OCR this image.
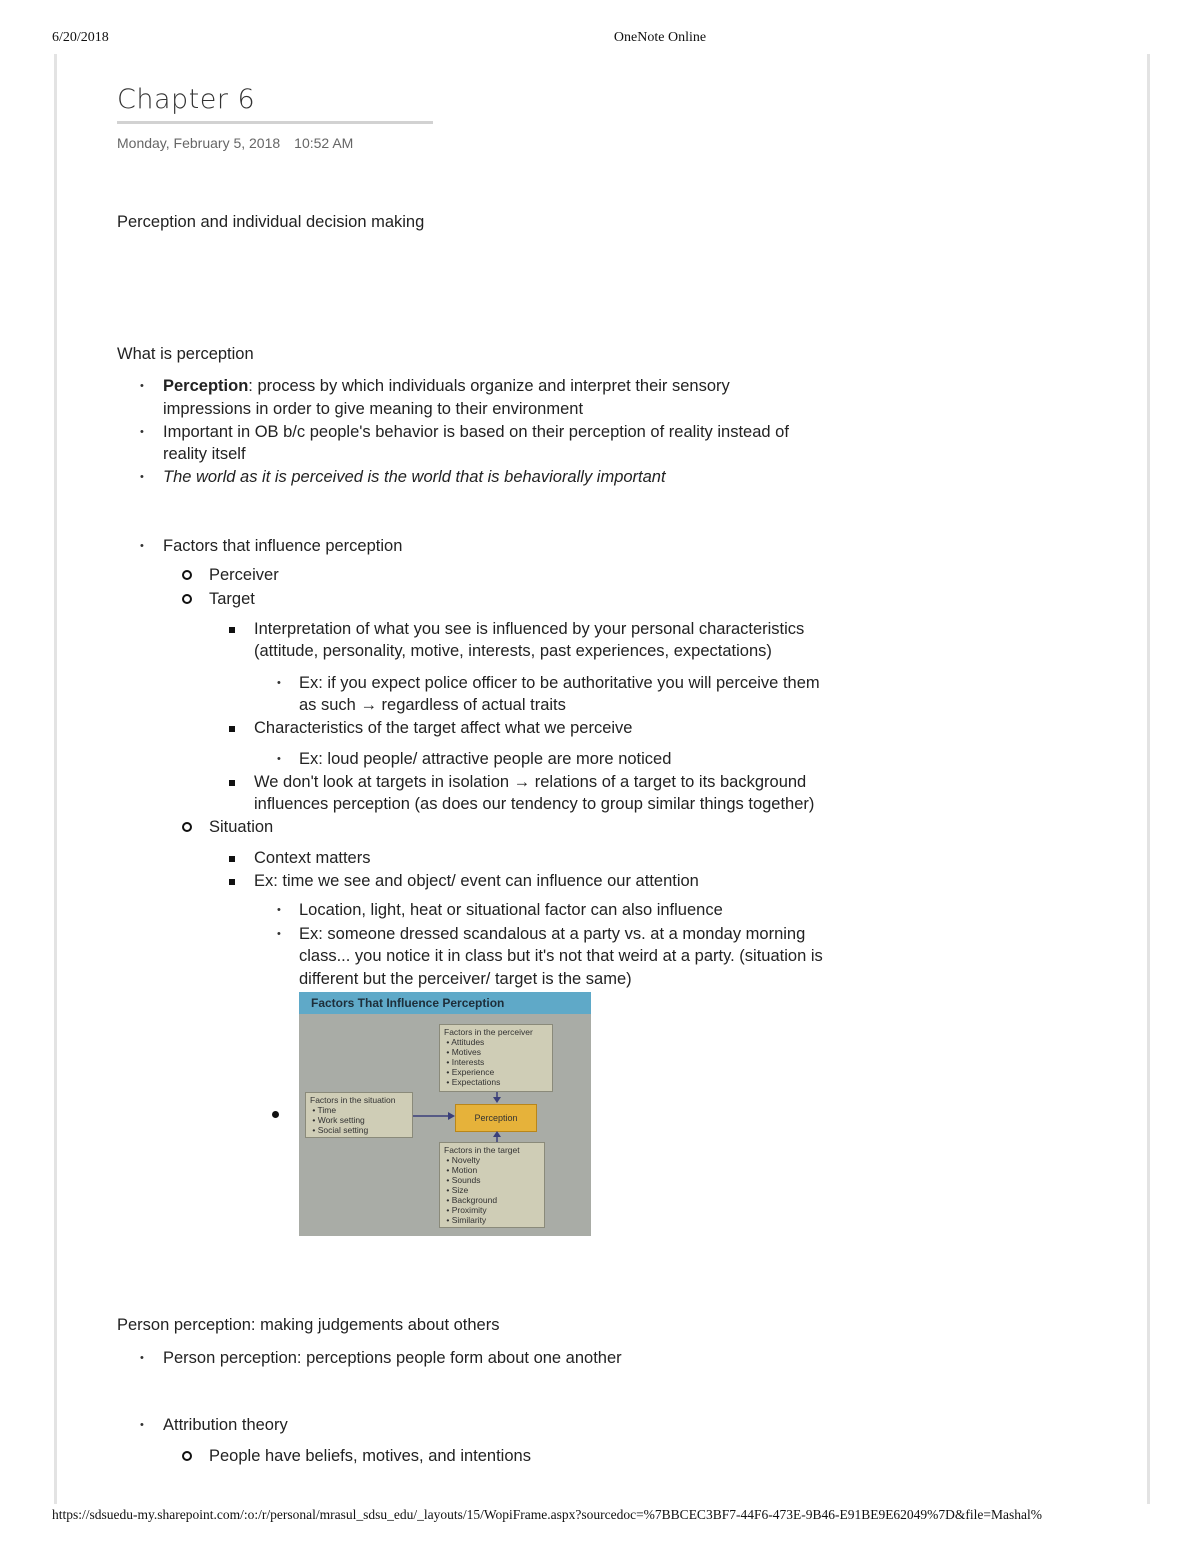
6/20/2018	OneNote Online
Chapter 6
Monday, February 5, 2018 10:52 AM
Perception and individual decision making
What is perception
• Perception: process by which individuals organize and interpret their sensory
impressions in order to give meaning to their environment
• Important in OB b/c people's behavior is based on their perception of reality instead of
reality itself
• The world as it is perceived is the world that is behaviorally important
• Factors that influence perception
Perceiver
Target
Interpretation of what you see is influenced by your personal characteristics
(attitude, personality, motive, interests, past experiences, expectations)
• Ex: if you expect police officer to be authoritative you will perceive them
as such → regardless of actual traits
Characteristics of the target affect what we perceive
• Ex: loud people/ attractive people are more noticed
We don't look at targets in isolation → relations of a target to its background
influences perception (as does our tendency to group similar things together)
Situation
Context matters
Ex: time we see and object/ event can influence our attention
• Location, light, heat or situational factor can also influence
• Ex: someone dressed scandalous at a party vs. at a monday morning
class... you notice it in class but it's not that weird at a party. (situation is
different but the perceiver/ target is the same)
Factors That Influence Perception
Factors in the perceiver
• Attitudes
• Motives
• Interests
• Experience
• Expectations
Factors in the situation
• Time
• Work setting
• Social setting
Perception
Factors in the target
• Novelty
• Motion
• Sounds
• Size
• Background
• Proximity
• Similarity
Person perception: making judgements about others
• Person perception: perceptions people form about one another
• Attribution theory
People have beliefs, motives, and intentions
https://sdsuedu-my.sharepoint.com/:o:/r/personal/mrasul_sdsu_edu/_layouts/15/WopiFrame.aspx?sourcedoc=%7BBCEC3BF7-44F6-473E-9B46-E91BE9E62049%7D&file=Mashal%
